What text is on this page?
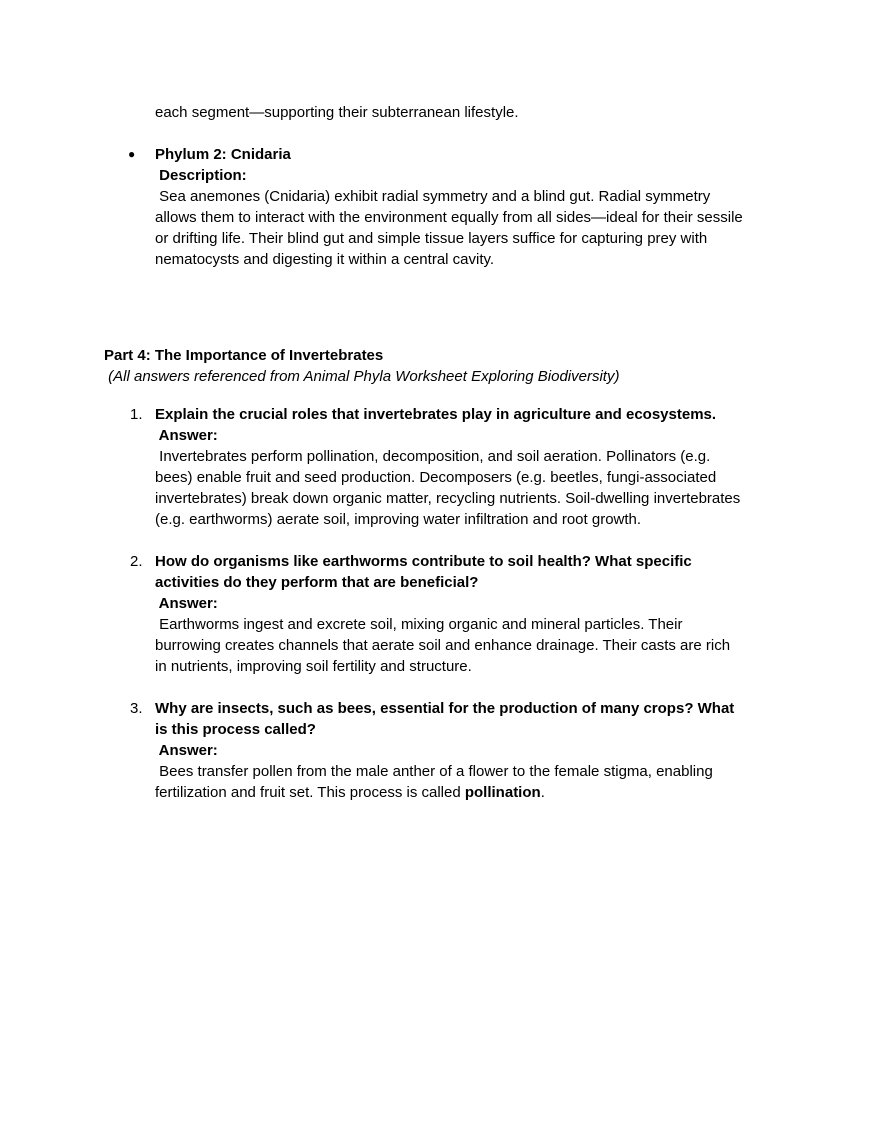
each segment—supporting their subterranean lifestyle.
● Phylum 2: Cnidaria
Description:
Sea anemones (Cnidaria) exhibit radial symmetry and a blind gut. Radial symmetry
allows them to interact with the environment equally from all sides—ideal for their sessile
or drifting life. Their blind gut and simple tissue layers suffice for capturing prey with
nematocysts and digesting it within a central cavity.
Part 4: The Importance of Invertebrates
(All answers referenced from Animal Phyla Worksheet Exploring Biodiversity)
1. Explain the crucial roles that invertebrates play in agriculture and ecosystems.
Answer:
Invertebrates perform pollination, decomposition, and soil aeration. Pollinators (e.g.
bees) enable fruit and seed production. Decomposers (e.g. beetles, fungi-associated
invertebrates) break down organic matter, recycling nutrients. Soil-dwelling invertebrates
(e.g. earthworms) aerate soil, improving water infiltration and root growth.
2. How do organisms like earthworms contribute to soil health? What specific
activities do they perform that are beneficial?
Answer:
Earthworms ingest and excrete soil, mixing organic and mineral particles. Their
burrowing creates channels that aerate soil and enhance drainage. Their casts are rich
in nutrients, improving soil fertility and structure.
3. Why are insects, such as bees, essential for the production of many crops? What
is this process called?
Answer:
Bees transfer pollen from the male anther of a flower to the female stigma, enabling
fertilization and fruit set. This process is called pollination.
